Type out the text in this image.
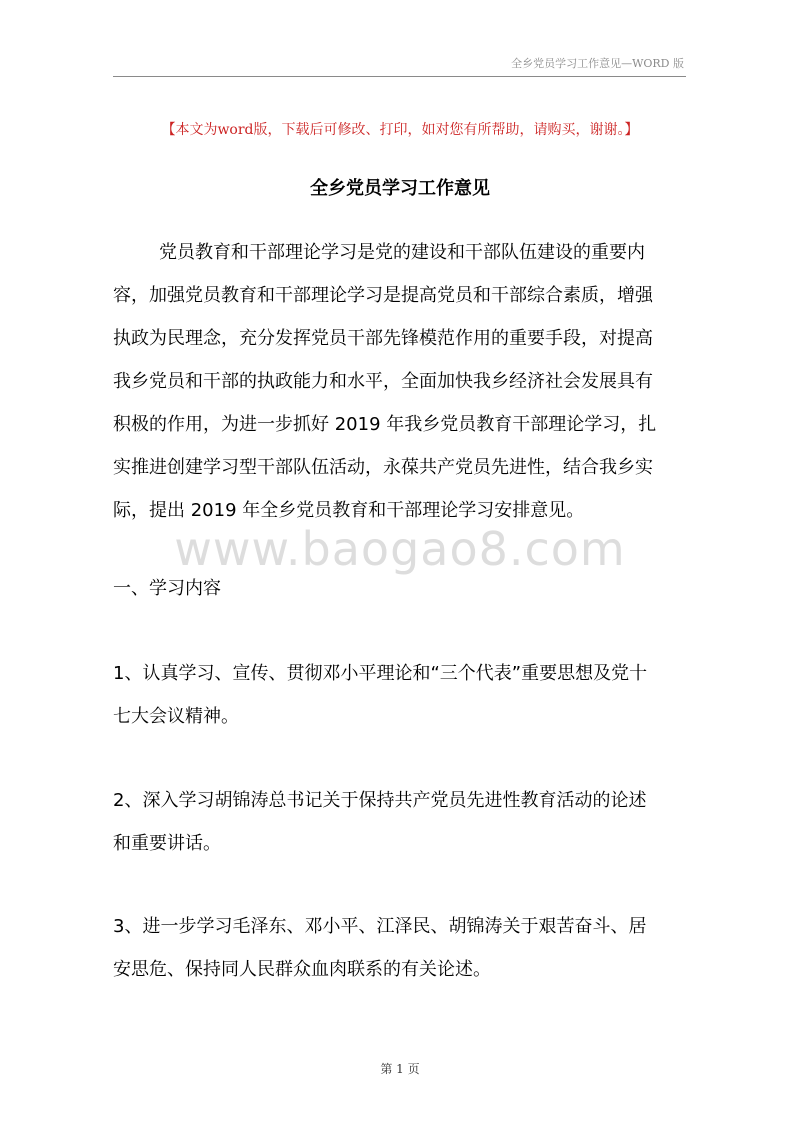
全乡党员学习工作意见—WORD 版
www.baogao8.com
【本文为word版，下载后可修改、打印，如对您有所帮助，请购买，谢谢。】
全乡党员学习工作意见
党员教育和干部理论学习是党的建设和干部队伍建设的重要内
容，加强党员教育和干部理论学习是提高党员和干部综合素质，增强
执政为民理念，充分发挥党员干部先锋模范作用的重要手段，对提高
我乡党员和干部的执政能力和水平，全面加快我乡经济社会发展具有
积极的作用，为进一步抓好 2019 年我乡党员教育干部理论学习，扎
实推进创建学习型干部队伍活动，永葆共产党员先进性，结合我乡实
际，提出 2019 年全乡党员教育和干部理论学习安排意见。
一、学习内容
1、认真学习、宣传、贯彻邓小平理论和“三个代表”重要思想及党十
七大会议精神。
2、深入学习胡锦涛总书记关于保持共产党员先进性教育活动的论述
和重要讲话。
3、进一步学习毛泽东、邓小平、江泽民、胡锦涛关于艰苦奋斗、居
安思危、保持同人民群众血肉联系的有关论述。
第 1 页
